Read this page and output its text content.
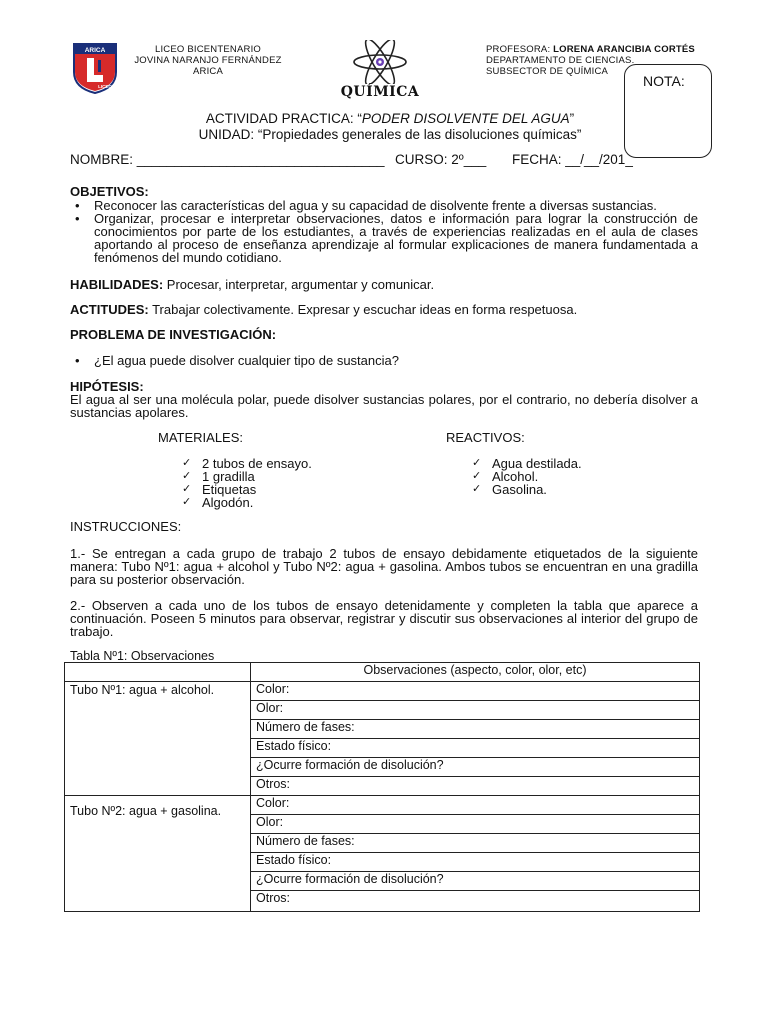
ARICA
LICEO
LICEO BICENTENARIO
JOVINA NARANJO FERNÁNDEZ
ARICA
QUÍMICA
PROFESORA: LORENA ARANCIBIA CORTÉS
DEPARTAMENTO DE CIENCIAS.
SUBSECTOR DE QUÍMICA
NOTA:
ACTIVIDAD PRACTICA: “PODER DISOLVENTE DEL AGUA”
UNIDAD: “Propiedades generales de las disoluciones químicas”
NOMBRE: _________________________________ CURSO: 2º___ FECHA: __/__/201_
OBJETIVOS:
• Reconocer las características del agua y su capacidad de disolvente frente a diversas sustancias.
• Organizar, procesar e interpretar observaciones, datos e información para lograr la construcción de conocimientos por parte de los estudiantes, a través de experiencias realizadas en el aula de clases aportando al proceso de enseñanza aprendizaje al formular explicaciones de manera fundamentada a fenómenos del mundo cotidiano.
HABILIDADES: Procesar, interpretar, argumentar y comunicar.
ACTITUDES: Trabajar colectivamente. Expresar y escuchar ideas en forma respetuosa.
PROBLEMA DE INVESTIGACIÓN:
• ¿El agua puede disolver cualquier tipo de sustancia?
HIPÓTESIS:
El agua al ser una molécula polar, puede disolver sustancias polares, por el contrario, no debería disolver a sustancias apolares.
MATERIALES:
✓ 2 tubos de ensayo.
✓ 1 gradilla
✓ Etiquetas
✓ Algodón.
REACTIVOS:
✓ Agua destilada.
✓ Alcohol.
✓ Gasolina.
INSTRUCCIONES:
1.- Se entregan a cada grupo de trabajo 2 tubos de ensayo debidamente etiquetados de la siguiente manera: Tubo Nº1: agua + alcohol y Tubo Nº2: agua + gasolina. Ambos tubos se encuentran en una gradilla para su posterior observación.
2.- Observen a cada uno de los tubos de ensayo detenidamente y completen la tabla que aparece a continuación. Poseen 5 minutos para observar, registrar y discutir sus observaciones al interior del grupo de trabajo.
Tabla Nº1: Observaciones
	Observaciones (aspecto, color, olor, etc)
Tubo Nº1: agua + alcohol.	Color:
	Olor:
	Número de fases:
	Estado físico:
	¿Ocurre formación de disolución?
	Otros:
Tubo Nº2: agua + gasolina.	Color:
	Olor:
	Número de fases:
	Estado físico:
	¿Ocurre formación de disolución?
	Otros:
